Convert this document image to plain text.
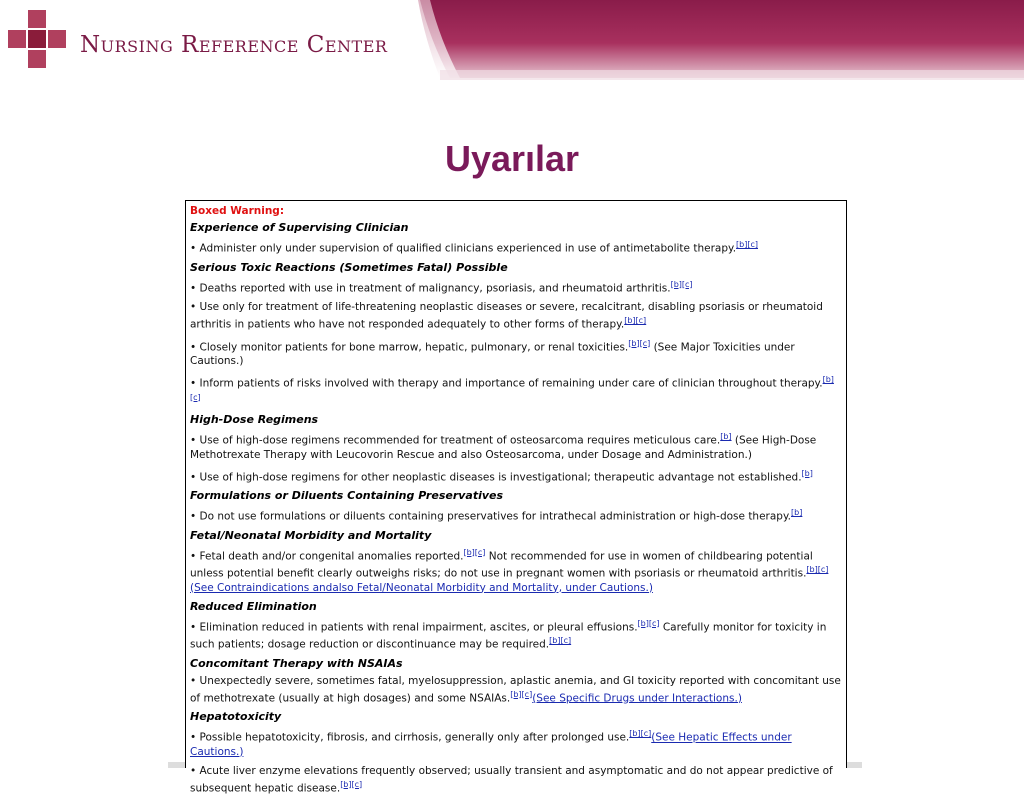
Nursing Reference Center
Uyarılar
Boxed Warning:
Experience of Supervising Clinician
• Administer only under supervision of qualified clinicians experienced in use of antimetabolite therapy.[b][c]
Serious Toxic Reactions (Sometimes Fatal) Possible
• Deaths reported with use in treatment of malignancy, psoriasis, and rheumatoid arthritis.[b][c]
• Use only for treatment of life-threatening neoplastic diseases or severe, recalcitrant, disabling psoriasis or rheumatoid arthritis in patients who have not responded adequately to other forms of therapy.[b][c]
• Closely monitor patients for bone marrow, hepatic, pulmonary, or renal toxicities.[b][c] (See Major Toxicities under Cautions.)
• Inform patients of risks involved with therapy and importance of remaining under care of clinician throughout therapy.[b][c]
High-Dose Regimens
• Use of high-dose regimens recommended for treatment of osteosarcoma requires meticulous care.[b] (See High-Dose Methotrexate Therapy with Leucovorin Rescue and also Osteosarcoma, under Dosage and Administration.)
• Use of high-dose regimens for other neoplastic diseases is investigational; therapeutic advantage not established.[b]
Formulations or Diluents Containing Preservatives
• Do not use formulations or diluents containing preservatives for intrathecal administration or high-dose therapy.[b]
Fetal/Neonatal Morbidity and Mortality
• Fetal death and/or congenital anomalies reported.[b][c] Not recommended for use in women of childbearing potential unless potential benefit clearly outweighs risks; do not use in pregnant women with psoriasis or rheumatoid arthritis.[b][c](See Contraindications andalso Fetal/Neonatal Morbidity and Mortality, under Cautions.)
Reduced Elimination
• Elimination reduced in patients with renal impairment, ascites, or pleural effusions.[b][c] Carefully monitor for toxicity in such patients; dosage reduction or discontinuance may be required.[b][c]
Concomitant Therapy with NSAIAs
• Unexpectedly severe, sometimes fatal, myelosuppression, aplastic anemia, and GI toxicity reported with concomitant use of methotrexate (usually at high dosages) and some NSAIAs.[b][c](See Specific Drugs under Interactions.)
Hepatotoxicity
• Possible hepatotoxicity, fibrosis, and cirrhosis, generally only after prolonged use.[b][c](See Hepatic Effects under Cautions.)
• Acute liver enzyme elevations frequently observed; usually transient and asymptomatic and do not appear predictive of subsequent hepatic disease.[b][c]
